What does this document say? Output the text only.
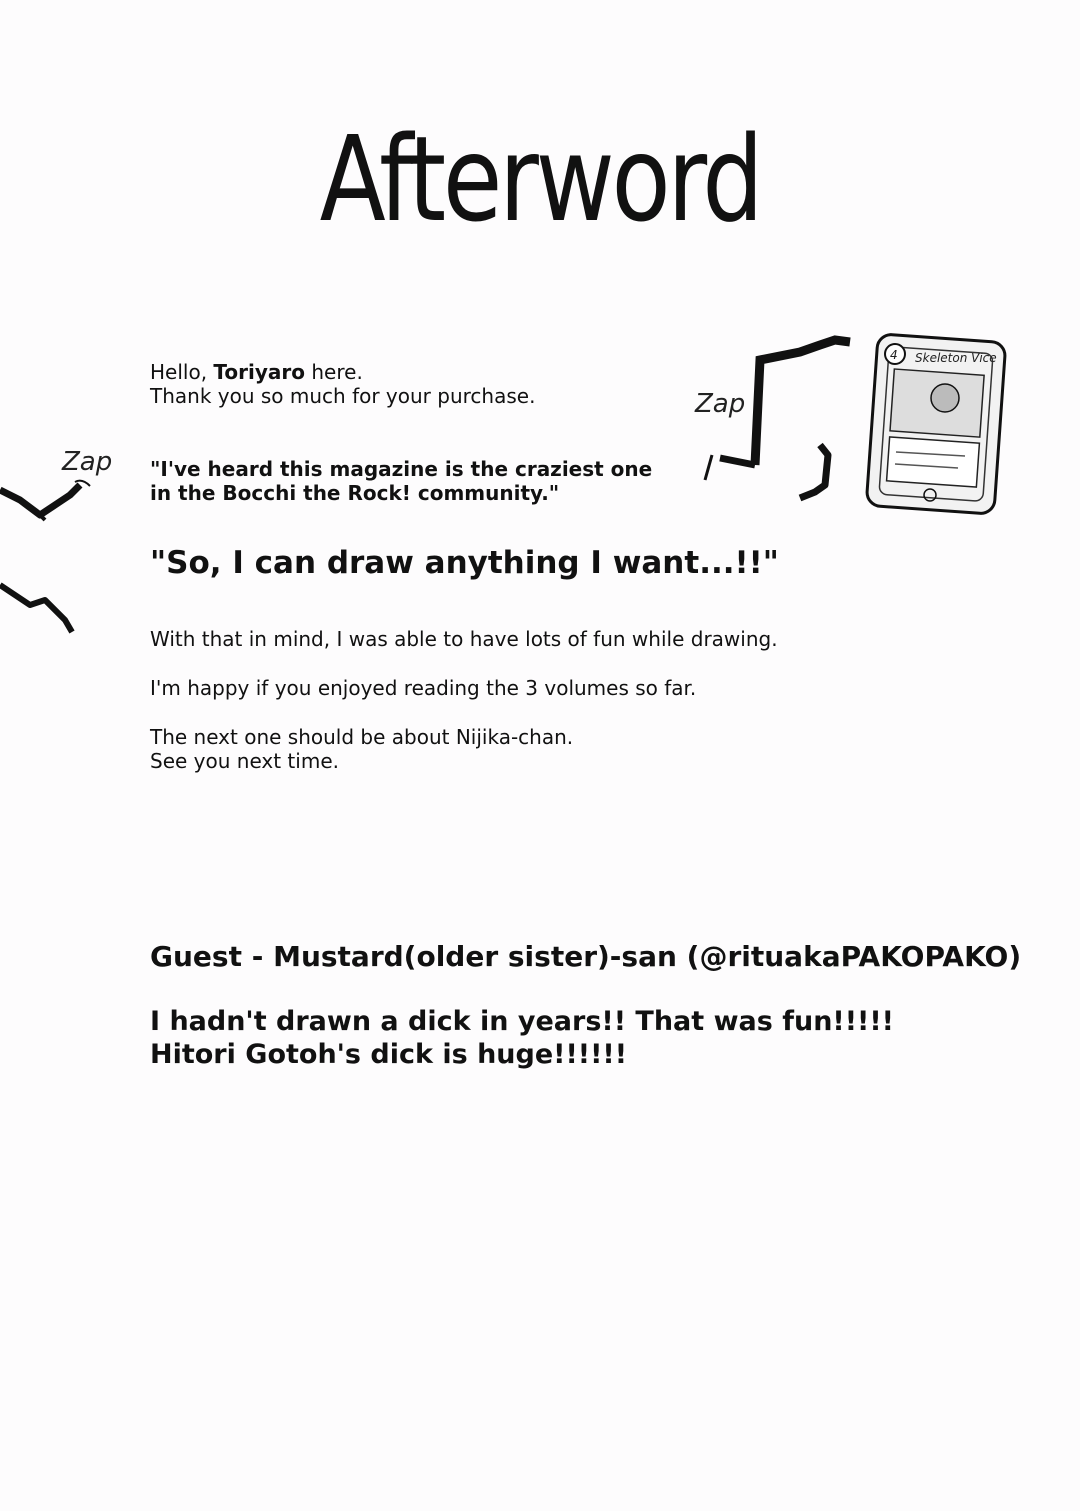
Afterword
Zap
Zap
4 Skeleton Vice
Hello, Toriyaro here.
Thank you so much for your purchase.
"I've heard this magazine is the craziest one
in the Bocchi the Rock! community."
"So, I can draw anything I want...!!"
With that in mind, I was able to have lots of fun while drawing.
I'm happy if you enjoyed reading the 3 volumes so far.
The next one should be about Nijika-chan.
See you next time.
Guest - Mustard(older sister)-san (@rituakaPAKOPAKO)
I hadn't drawn a dick in years!! That was fun!!!!!
Hitori Gotoh's dick is huge!!!!!!
